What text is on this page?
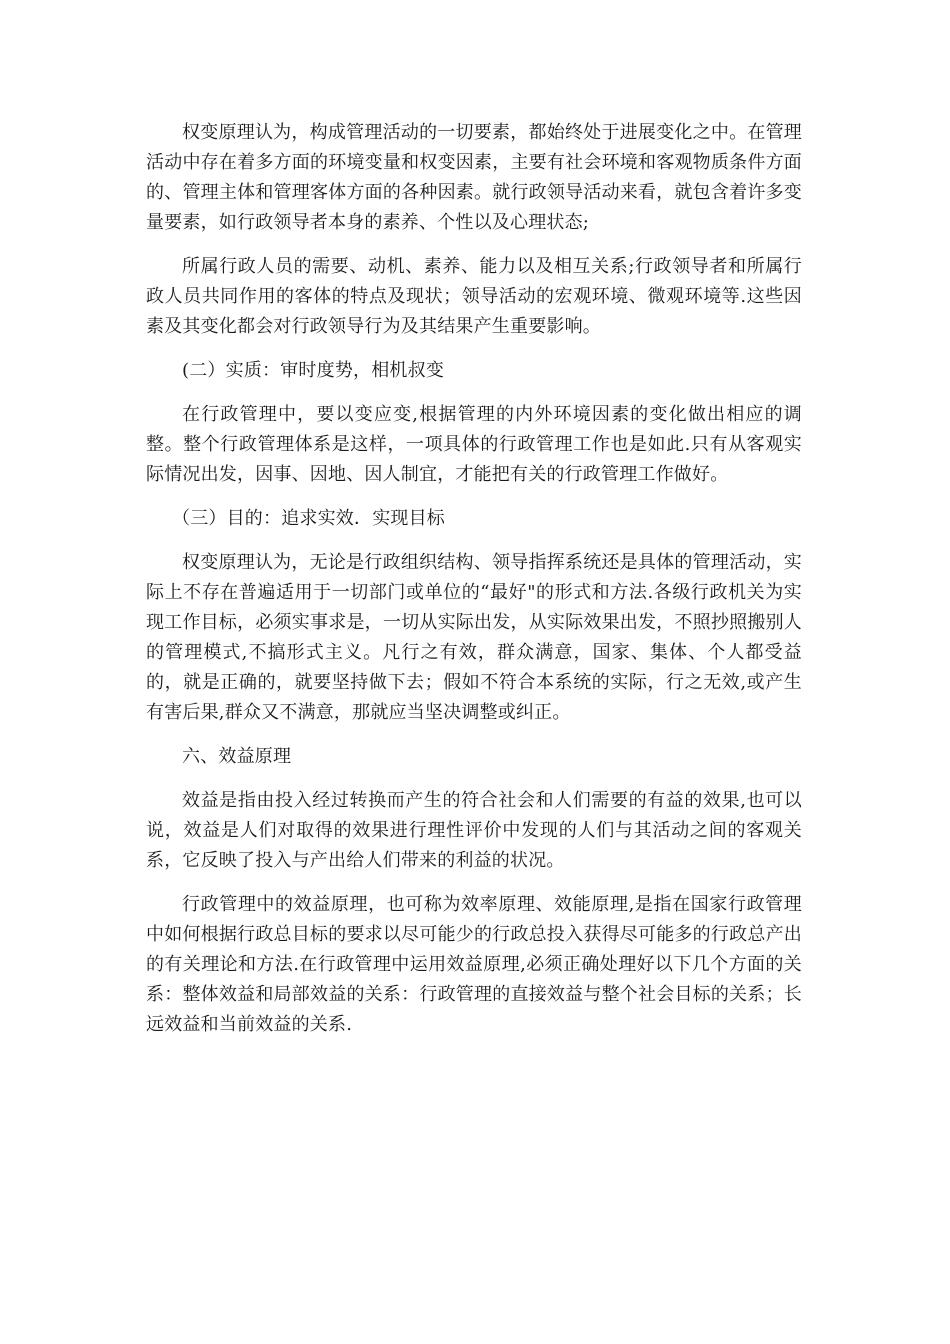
权变原理认为，构成管理活动的一切要素，都始终处于进展变化之中。在管理活动中存在着多方面的环境变量和权变因素，主要有社会环境和客观物质条件方面的、管理主体和管理客体方面的各种因素。就行政领导活动来看，就包含着许多变量要素，如行政领导者本身的素养、个性以及心理状态;

所属行政人员的需要、动机、素养、能力以及相互关系;行政领导者和所属行政人员共同作用的客体的特点及现状；领导活动的宏观环境、微观环境等.这些因素及其变化都会对行政领导行为及其结果产生重要影响。

(二）实质：审时度势，相机叔变

在行政管理中，要以变应变,根据管理的内外环境因素的变化做出相应的调整。整个行政管理体系是这样，一项具体的行政管理工作也是如此.只有从客观实际情况出发，因事、因地、因人制宜，才能把有关的行政管理工作做好。

（三）目的：追求实效．实现目标

权变原理认为，无论是行政组织结构、领导指挥系统还是具体的管理活动，实际上不存在普遍适用于一切部门或单位的“最好"的形式和方法.各级行政机关为实现工作目标，必须实事求是，一切从实际出发，从实际效果出发，不照抄照搬别人的管理模式,不搞形式主义。凡行之有效，群众满意，国家、集体、个人都受益的，就是正确的，就要坚持做下去；假如不符合本系统的实际，行之无效,或产生有害后果,群众又不满意，那就应当坚决调整或纠正。

六、效益原理

效益是指由投入经过转换而产生的符合社会和人们需要的有益的效果,也可以说，效益是人们对取得的效果进行理性评价中发现的人们与其活动之间的客观关系，它反映了投入与产出给人们带来的利益的状况。

行政管理中的效益原理，也可称为效率原理、效能原理,是指在国家行政管理中如何根据行政总目标的要求以尽可能少的行政总投入获得尽可能多的行政总产出的有关理论和方法.在行政管理中运用效益原理,必须正确处理好以下几个方面的关系：整体效益和局部效益的关系：行政管理的直接效益与整个社会目标的关系；长远效益和当前效益的关系.
